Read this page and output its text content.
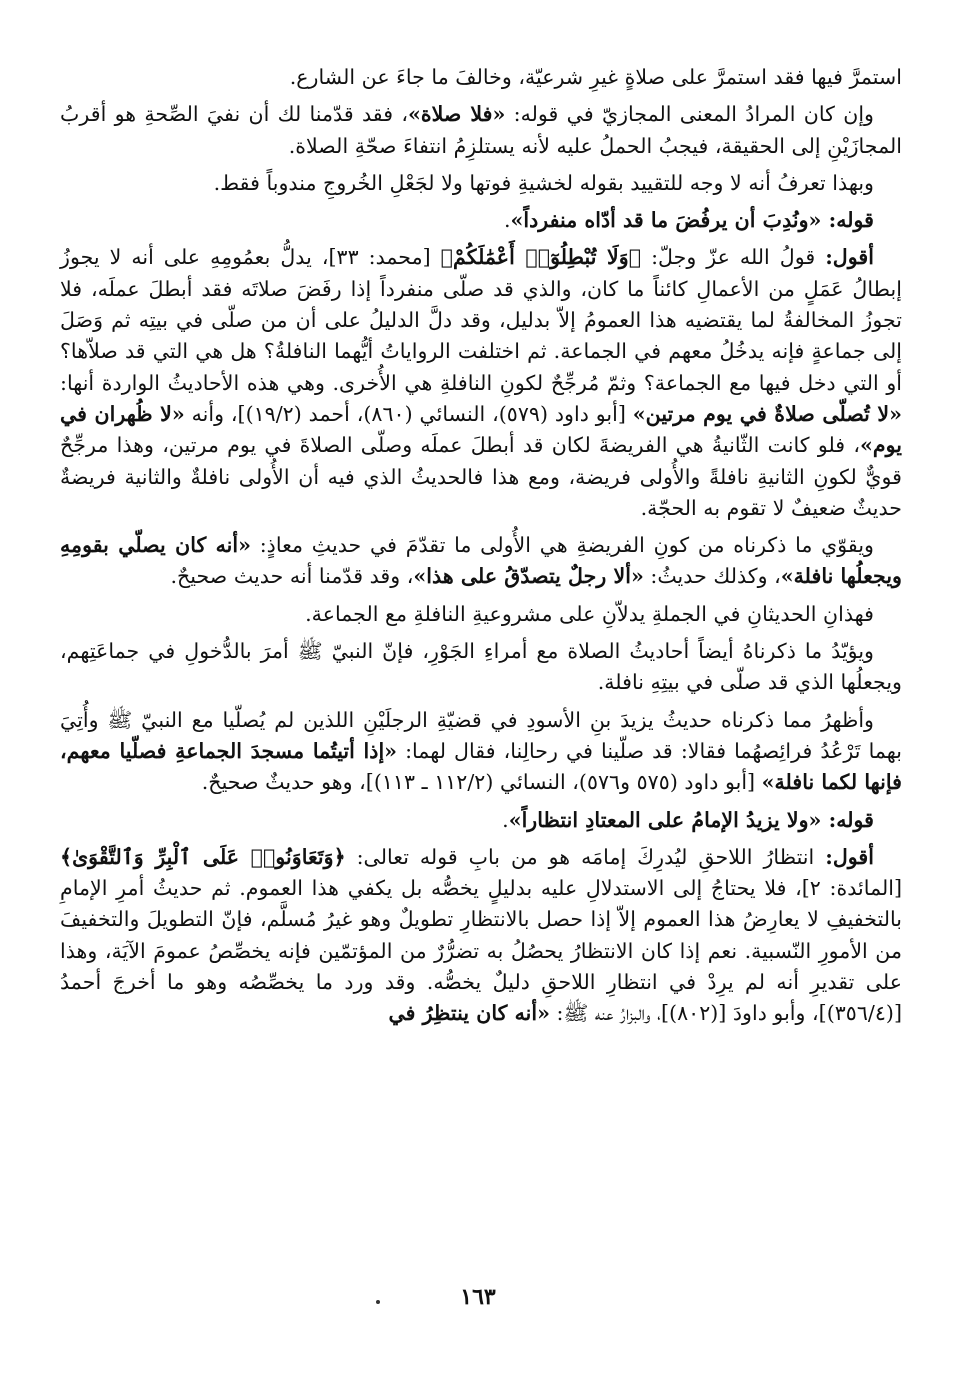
استمرَّ فيها فقد استمرَّ على صلاةٍ غيرِ شرعيّة، وخالفَ ما جاءَ عن الشارع.

وإن كان المرادُ المعنى المجازيّ في قوله: «فلا صلاة»، فقد قدّمنا لك أن نفيَ الصِّحةِ هو أقربُ المجازَيْنِ إلى الحقيقة، فيجبُ الحملُ عليه لأنه يستلزِمُ انتفاءَ صحّةِ الصلاة.

وبهذا تعرفُ أنه لا وجه للتقييد بقوله لخشيةِ فوتها ولا لجَعْلِ الخُروجِ مندوباً فقط.

قوله: «ونُدِبَ أن يرفُضَ ما قد أدّاه منفرداً».

أقول: قولُ الله عزّ وجلّ: ﴿وَلَا تُبْطِلُوٓا۟ أَعْمَٰلَكُمْ﴾ [محمد: ٣٣]، يدلُّ بعمُومِهِ على أنه لا يجوزُ إبطالُ عَمَلٍ من الأعمالِ كائناً ما كان، والذي قد صلّى منفرداً إذا رفَضَ صلاتَه فقد أبطلَ عملَه، فلا تجوزُ المخالفةُ لما يقتضيه هذا العمومُ إلاّ بدليل، وقد دلَّ الدليلُ على أن من صلّى في بيتِه ثم وَصَلَ إلى جماعةٍ فإنه يدخُلُ معهم في الجماعة. ثم اختلفت الرواياتُ أيُّهما النافلةُ؟ هل هي التي قد صلاّها؟ أو التي دخل فيها مع الجماعة؟ وثمّ مُرجِّحٌ لكونِ النافلةِ هي الأُخرى. وهي هذه الأحاديثُ الواردة أنها: «لا تُصلّى صلاةٌ في يوم مرتين» [أبو داود (٥٧٩)، النسائي (٨٦٠)، أحمد (١٩/٢)]، وأنه «لا ظُهران في يوم»، فلو كانت الثّانيةُ هي الفريضةَ لكان قد أبطلَ عملَه وصلّى الصلاةَ في يوم مرتين، وهذا مرجِّحٌ قويٌّ لكونِ الثانيةِ نافلةً والأُولى فريضة، ومع هذا فالحديثُ الذي فيه أن الأُولى نافلةٌ والثانية فريضةٌ حديثٌ ضعيفٌ لا تقوم به الحجّة.

ويقوّي ما ذكرناه من كونِ الفريضةِ هي الأُولى ما تقدّمَ في حديثِ معاذٍ: «أنه كان يصلّي بقومِهِ ويجعلُها نافلة»، وكذلك حديثُ: «ألا رجلٌ يتصدّقُ على هذا»، وقد قدّمنا أنه حديث صحيحٌ.

فهذانِ الحديثانِ في الجملةِ يدلاّنِ على مشروعيةِ النافلةِ مع الجماعة.

ويؤيّدُ ما ذكرناهُ أيضاً أحاديثُ الصلاة مع أمراءِ الجَوْرِ، فإنّ النبيّ ﷺ أمرَ بالدُّخولِ في جماعَتِهم، ويجعلُها الذي قد صلّى في بيتِهِ نافلة.

وأظهرُ مما ذكرناه حديثُ يزيدَ بنِ الأسودِ في قضيّةِ الرجلَيْنِ اللذين لم يُصلّيا مع النبيّ ﷺ وأُتِيَ بهما تَرْعُدُ فرائِصهُما فقالا: قد صلّينا في رحالِنا، فقال لهما: «إذا أتيتُما مسجدَ الجماعةِ فصلّيا معهم، فإنها لكما نافلة» [أبو داود (٥٧٥ و٥٧٦)، النسائي (١١٢/٢ ـ ١١٣)]، وهو حديثٌ صحيحٌ.

قوله: «ولا يزيدُ الإمامُ على المعتادِ انتظاراً».

أقول: انتظارُ اللاحقِ ليُدرِكَ إمامَه هو من بابِ قوله تعالى: ﴿وَتَعَاوَنُوا۟ عَلَى ٱلْبِرِّ وَٱلتَّقْوَىٰ﴾ [المائدة: ٢]، فلا يحتاجُ إلى الاستدلالِ عليه بدليلٍ يخصُّه بل يكفي هذا العموم. ثم حديثُ أمرِ الإمامِ بالتخفيفِ لا يعارِضُ هذا العموم إلاّ إذا حصل بالانتظارِ تطويلٌ وهو غيرُ مُسلَّم، فإنّ التطويلَ والتخفيفَ من الأمورِ النّسبية. نعم إذا كان الانتظارُ يحصُلُ به تضرُّرٌ من المؤتمّين فإنه يخصِّصُ عمومَ الآيَة، وهذا على تقديرِ أنه لم يرِدْ في انتظارِ اللاحقِ دليلٌ يخصُّه. وقد ورد ما يخصِّصُه وهو ما أخرجَ أحمدُ [(٣٥٦/٤)]، وأبو داودَ [(٨٠٢)]، والبزارُ عنه ﷺ: «أنه كان ينتظِرُ في

١٦٣
